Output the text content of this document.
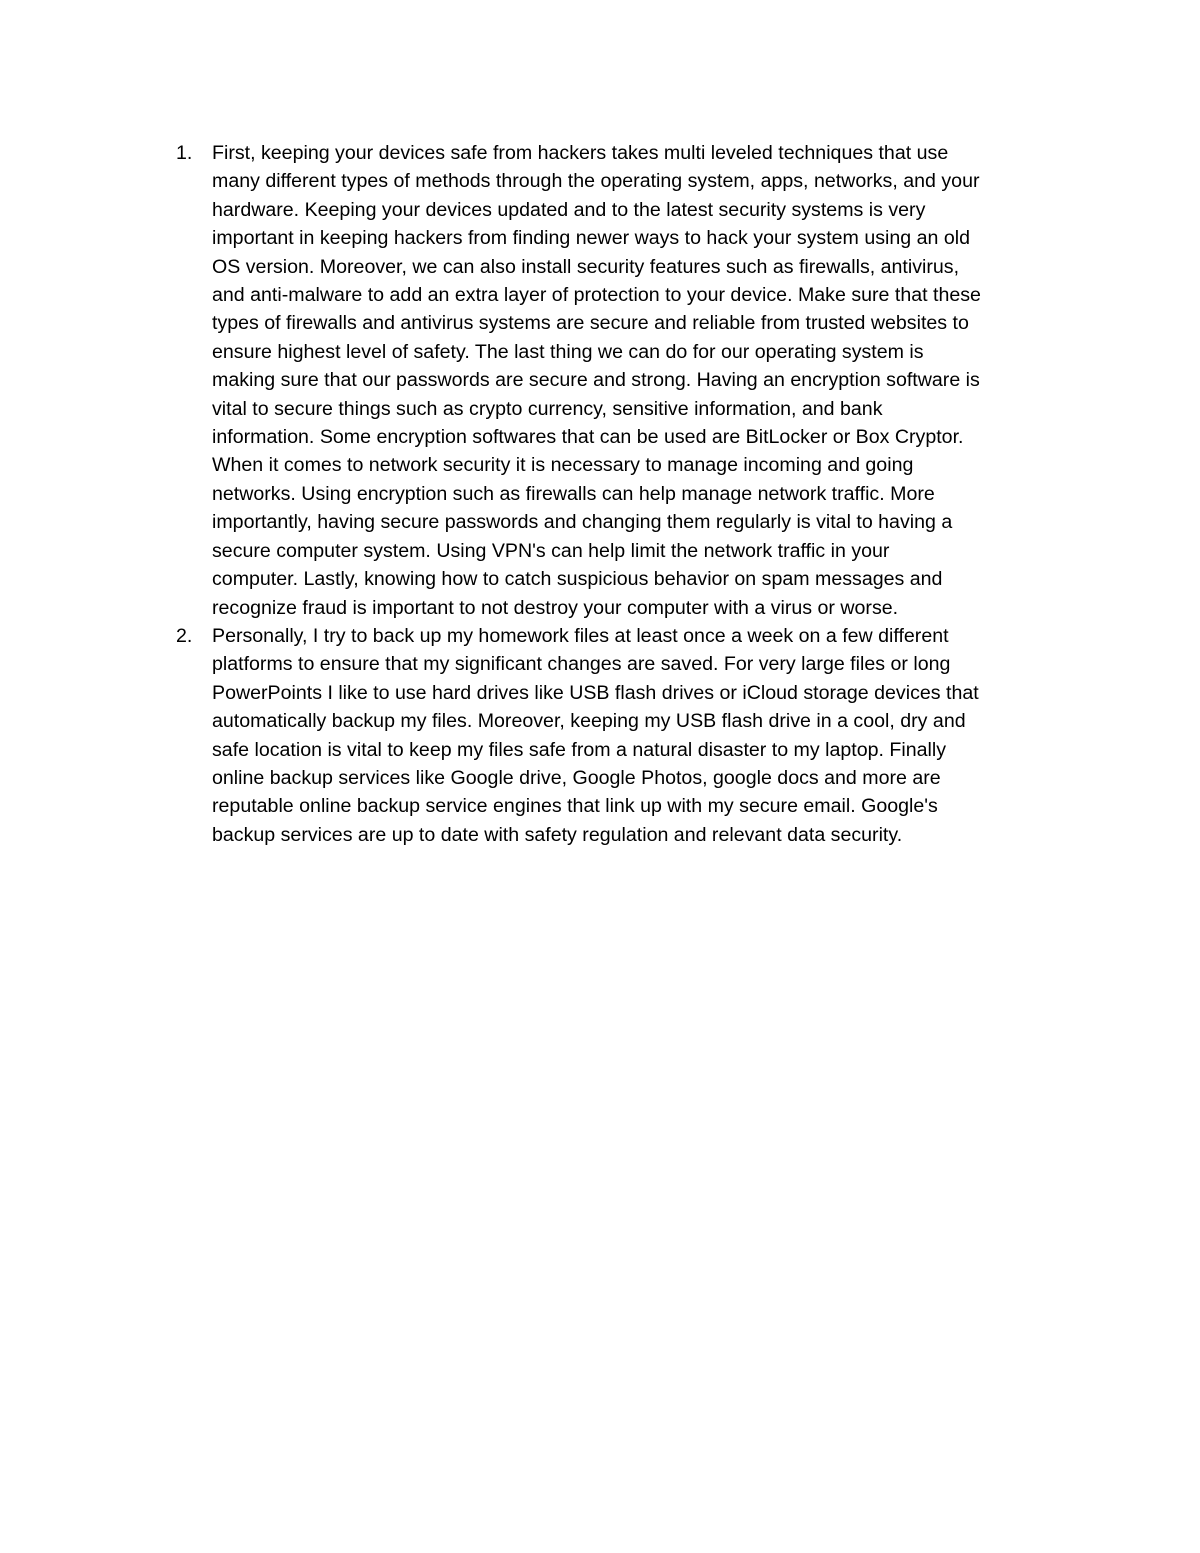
1. First, keeping your devices safe from hackers takes multi leveled techniques that use
many different types of methods through the operating system, apps, networks, and your
hardware. Keeping your devices updated and to the latest security systems is very
important in keeping hackers from finding newer ways to hack your system using an old
OS version. Moreover, we can also install security features such as firewalls, antivirus,
and anti-malware to add an extra layer of protection to your device. Make sure that these
types of firewalls and antivirus systems are secure and reliable from trusted websites to
ensure highest level of safety. The last thing we can do for our operating system is
making sure that our passwords are secure and strong. Having an encryption software is
vital to secure things such as crypto currency, sensitive information, and bank
information. Some encryption softwares that can be used are BitLocker or Box Cryptor.
When it comes to network security it is necessary to manage incoming and going
networks. Using encryption such as firewalls can help manage network traffic. More
importantly, having secure passwords and changing them regularly is vital to having a
secure computer system. Using VPN's can help limit the network traffic in your
computer. Lastly, knowing how to catch suspicious behavior on spam messages and
recognize fraud is important to not destroy your computer with a virus or worse.
2. Personally, I try to back up my homework files at least once a week on a few different
platforms to ensure that my significant changes are saved. For very large files or long
PowerPoints I like to use hard drives like USB flash drives or iCloud storage devices that
automatically backup my files. Moreover, keeping my USB flash drive in a cool, dry and
safe location is vital to keep my files safe from a natural disaster to my laptop. Finally
online backup services like Google drive, Google Photos, google docs and more are
reputable online backup service engines that link up with my secure email. Google's
backup services are up to date with safety regulation and relevant data security.
